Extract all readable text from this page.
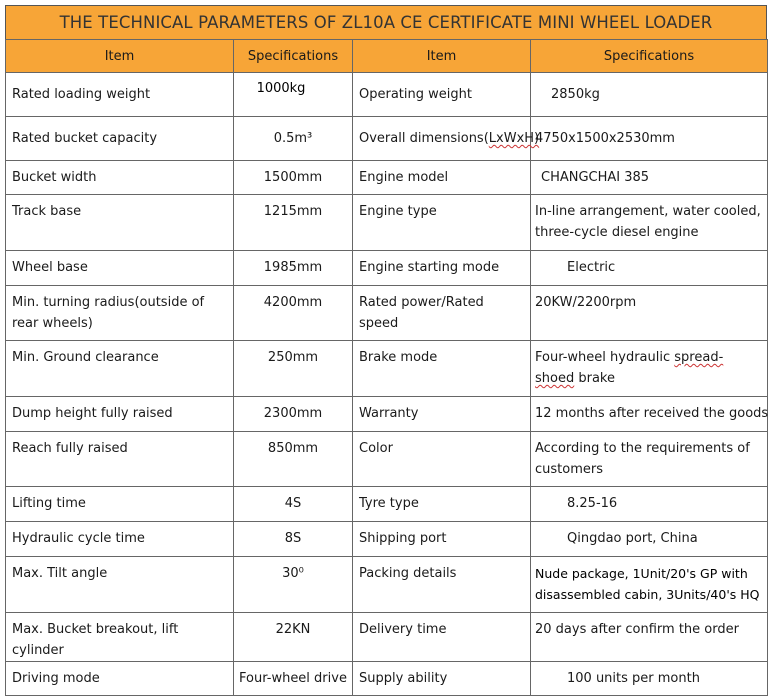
THE TECHNICAL PARAMETERS OF ZL10A CE CERTIFICATE MINI WHEEL LOADER
Item	Specifications	Item	Specifications
Rated loading weight	1000kg	Operating weight	2850kg
Rated bucket capacity	0.5m³	Overall dimensions(LxWxH)	4750x1500x2530mm
Bucket width	1500mm	Engine model	CHANGCHAI 385
Track base	1215mm	Engine type	In-line arrangement, water cooled, three-cycle diesel engine
Wheel base	1985mm	Engine starting mode	Electric
Min. turning radius(outside of   rear wheels)	4200mm	Rated power/Rated speed	20KW/2200rpm
Min. Ground clearance	250mm	Brake mode	Four-wheel hydraulic spread-shoed brake
Dump height fully raised	2300mm	Warranty	12 months after received the goods
Reach fully raised	850mm	Color	According to the requirements of customers
Lifting time	4S	Tyre type	8.25-16
Hydraulic cycle time	8S	Shipping port	Qingdao port, China
Max. Tilt angle	30⁰	Packing details	Nude package, 1Unit/20's GP with disassembled cabin, 3Units/40's HQ
Max. Bucket breakout, lift cylinder	22KN	Delivery time	20 days after confirm the order
Driving mode	Four-wheel drive	Supply ability	100 units per month
